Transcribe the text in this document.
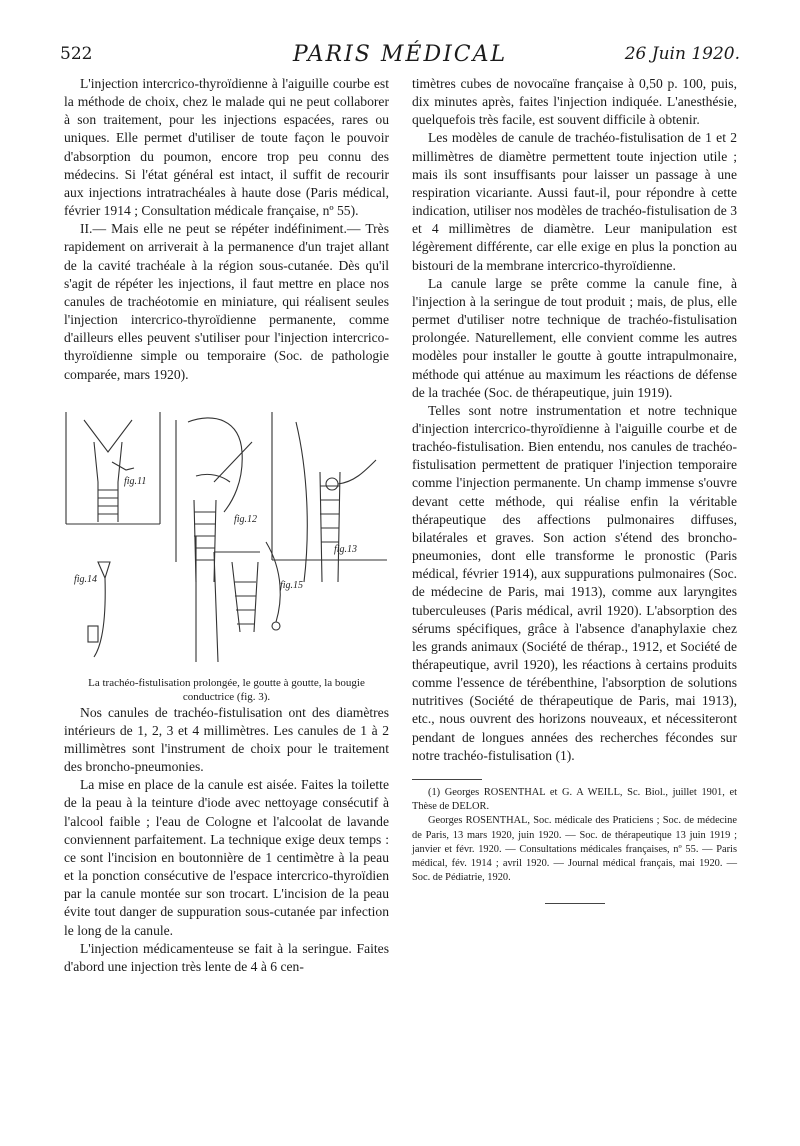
522	PARIS MÉDICAL	26 Juin 1920.

L'injection intercrico-thyroïdienne à l'aiguille courbe est la méthode de choix, chez le malade qui ne peut collaborer à son traitement, pour les injections espacées, rares ou uniques. Elle permet d'utiliser de toute façon le pouvoir d'absorption du poumon, encore trop peu connu des médecins. Si l'état général est intact, il suffit de recourir aux injections intratrachéales à haute dose (Paris médical, février 1914 ; Consultation médicale française, nº 55).

II.— Mais elle ne peut se répéter indéfiniment.— Très rapidement on arriverait à la permanence d'un trajet allant de la cavité trachéale à la région sous-cutanée. Dès qu'il s'agit de répéter les injections, il faut mettre en place nos canules de trachéotomie en miniature, qui réalisent seules l'injection intercrico-thyroïdienne permanente, comme d'ailleurs elles peuvent s'utiliser pour l'injection intercrico-thyroïdienne simple ou temporaire (Soc. de pathologie comparée, mars 1920).

fig.11
fig.12
fig.13
fig.14
fig.15

La trachéo-fistulisation prolongée, le goutte à goutte, la bougie conductrice (fig. 3).

Nos canules de trachéo-fistulisation ont des diamètres intérieurs de 1, 2, 3 et 4 millimètres. Les canules de 1 à 2 millimètres sont l'instrument de choix pour le traitement des broncho-pneumonies.

La mise en place de la canule est aisée. Faites la toilette de la peau à la teinture d'iode avec nettoyage consécutif à l'alcool faible ; l'eau de Cologne et l'alcoolat de lavande conviennent parfaitement. La technique exige deux temps : ce sont l'incision en boutonnière de 1 centimètre à la peau et la ponction consécutive de l'espace intercrico-thyroïdien par la canule montée sur son trocart. L'incision de la peau évite tout danger de suppuration sous-cutanée par infection le long de la canule.

L'injection médicamenteuse se fait à la seringue. Faites d'abord une injection très lente de 4 à 6 cen-

timètres cubes de novocaïne française à 0,50 p. 100, puis, dix minutes après, faites l'injection indiquée. L'anesthésie, quelquefois très facile, est souvent difficile à obtenir.

Les modèles de canule de trachéo-fistulisation de 1 et 2 millimètres de diamètre permettent toute injection utile ; mais ils sont insuffisants pour laisser un passage à une respiration vicariante. Aussi faut-il, pour répondre à cette indication, utiliser nos modèles de trachéo-fistulisation de 3 et 4 millimètres de diamètre. Leur manipulation est légèrement différente, car elle exige en plus la ponction au bistouri de la membrane intercrico-thyroïdienne.

La canule large se prête comme la canule fine, à l'injection à la seringue de tout produit ; mais, de plus, elle permet d'utiliser notre technique de trachéo-fistulisation prolongée. Naturellement, elle convient comme les autres modèles pour installer le goutte à goutte intrapulmonaire, méthode qui atténue au maximum les réactions de défense de la trachée (Soc. de thérapeutique, juin 1919).

Telles sont notre instrumentation et notre technique d'injection intercrico-thyroïdienne à l'aiguille courbe et de trachéo-fistulisation. Bien entendu, nos canules de trachéo-fistulisation permettent de pratiquer l'injection temporaire comme l'injection permanente. Un champ immense s'ouvre devant cette méthode, qui réalise enfin la véritable thérapeutique des affections pulmonaires diffuses, bilatérales et graves. Son action s'étend des broncho-pneumonies, dont elle transforme le pronostic (Paris médical, février 1914), aux suppurations pulmonaires (Soc. de médecine de Paris, mai 1913), comme aux laryngites tuberculeuses (Paris médical, avril 1920). L'absorption des sérums spécifiques, grâce à l'absence d'anaphylaxie chez les grands animaux (Société de thérap., 1912, et Société de thérapeutique, avril 1920), les réactions à certains produits comme l'essence de térébenthine, l'absorption de solutions nutritives (Société de thérapeutique de Paris, mai 1913), etc., nous ouvrent des horizons nouveaux, et nécessiteront pendant de longues années des recherches fécondes sur notre trachéo-fistulisation (1).

(1) Georges ROSENTHAL et G. A WEILL, Sc. Biol., juillet 1901, et Thèse de DELOR.

Georges ROSENTHAL, Soc. médicale des Praticiens ; Soc. de médecine de Paris, 13 mars 1920, juin 1920. — Soc. de thérapeutique 13 juin 1919 ; janvier et févr. 1920. — Consultations médicales françaises, nº 55. — Paris médical, fév. 1914 ; avril 1920. — Journal médical français, mai 1920. — Soc. de Pédiatrie, 1920.
